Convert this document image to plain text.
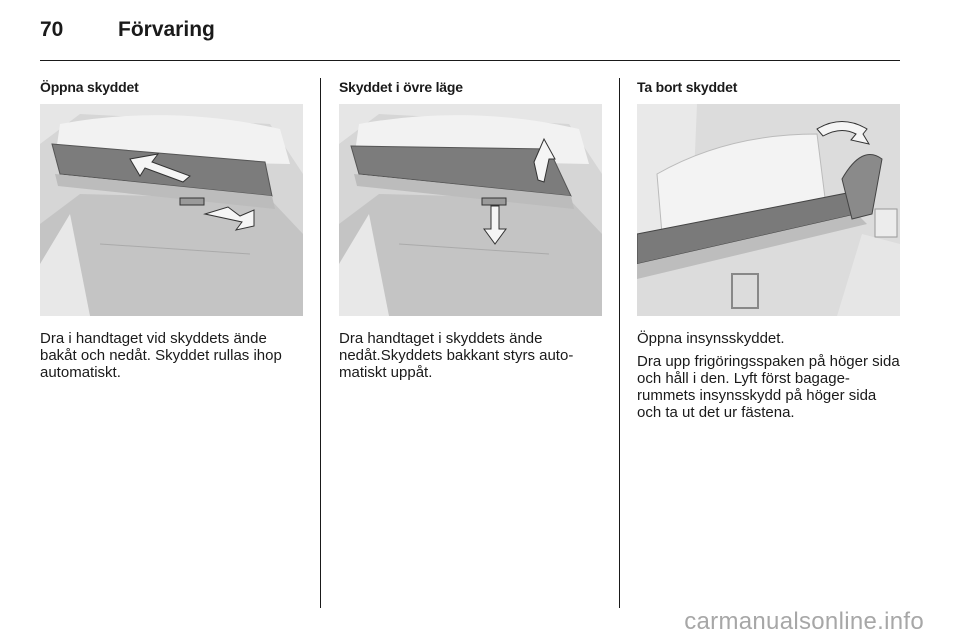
70	Förvaring
Öppna skyddet

Dra i handtaget vid skyddets ände bakåt och nedåt. Skyddet rullas ihop automatiskt.

Skyddet i övre läge

Dra handtaget i skyddets ände nedåt.Skyddets bakkant styrs automatiskt uppåt.

Ta bort skyddet

Öppna insynsskyddet.

Dra upp frigöringsspaken på höger sida och håll i den. Lyft först bagagerummets insynsskydd på höger sida och ta ut det ur fästena.

carmanualsonline.info
